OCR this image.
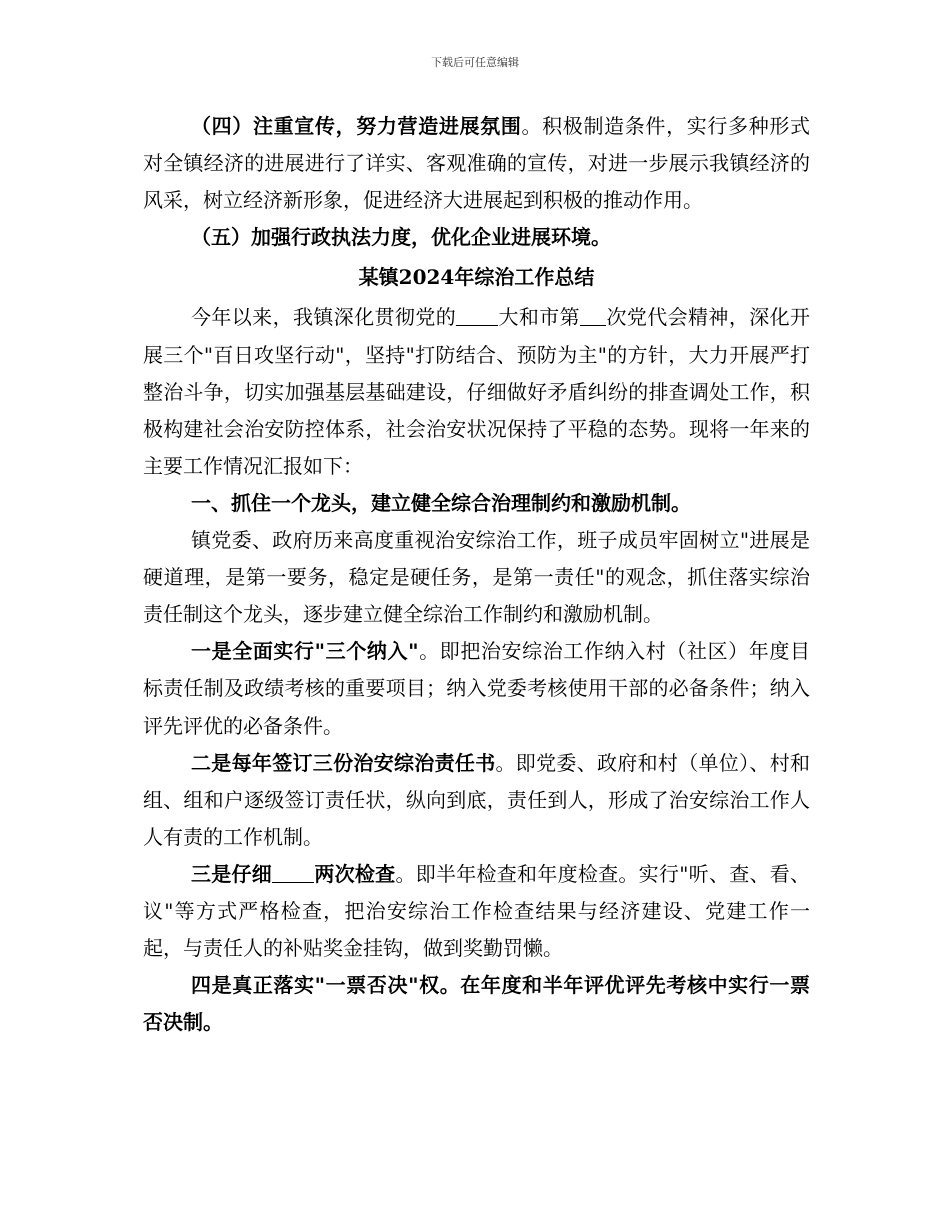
下载后可任意编辑

（四）注重宣传，努力营造进展氛围。积极制造条件，实行多种形式对全镇经济的进展进行了详实、客观准确的宣传，对进一步展示我镇经济的风采，树立经济新形象，促进经济大进展起到积极的推动作用。

（五）加强行政执法力度，优化企业进展环境。

某镇2024年综治工作总结

今年以来，我镇深化贯彻党的 大和市第 次党代会精神，深化开展三个"百日攻坚行动"，坚持"打防结合、预防为主"的方针，大力开展严打整治斗争，切实加强基层基础建设，仔细做好矛盾纠纷的排查调处工作，积极构建社会治安防控体系，社会治安状况保持了平稳的态势。现将一年来的主要工作情况汇报如下：

一、抓住一个龙头，建立健全综合治理制约和激励机制。

镇党委、政府历来高度重视治安综治工作，班子成员牢固树立"进展是硬道理，是第一要务，稳定是硬任务，是第一责任"的观念，抓住落实综治责任制这个龙头，逐步建立健全综治工作制约和激励机制。

一是全面实行"三个纳入"。即把治安综治工作纳入村（社区）年度目标责任制及政绩考核的重要项目；纳入党委考核使用干部的必备条件；纳入评先评优的必备条件。

二是每年签订三份治安综治责任书。即党委、政府和村（单位）、村和组、组和户逐级签订责任状，纵向到底，责任到人，形成了治安综治工作人人有责的工作机制。

三是仔细 两次检查。即半年检查和年度检查。实行"听、查、看、议"等方式严格检查，把治安综治工作检查结果与经济建设、党建工作一起，与责任人的补贴奖金挂钩，做到奖勤罚懒。

四是真正落实"一票否决"权。在年度和半年评优评先考核中实行一票否决制。
